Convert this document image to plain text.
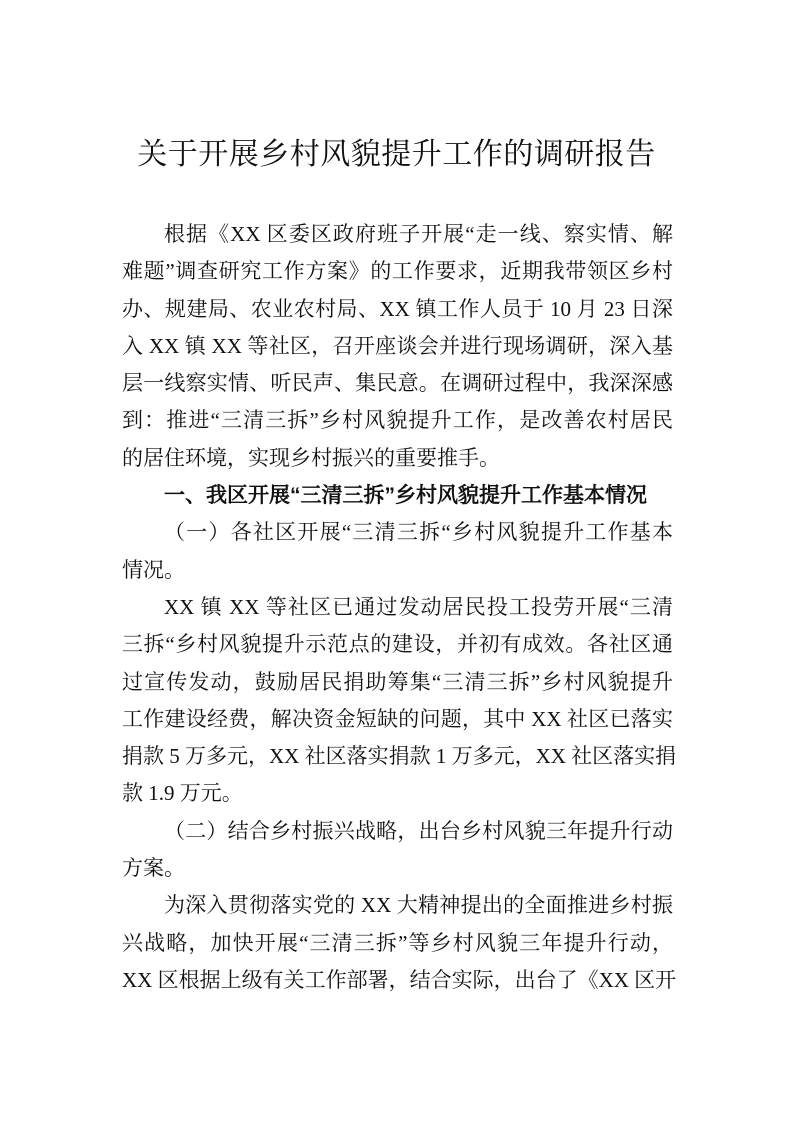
关于开展乡村风貌提升工作的调研报告
根据《XX 区委区政府班子开展“走一线、察实情、解
难题”调查研究工作方案》的工作要求，近期我带领区乡村
办、规建局、农业农村局、XX 镇工作人员于 10 月 23 日深
入 XX 镇 XX 等社区，召开座谈会并进行现场调研，深入基
层一线察实情、听民声、集民意。在调研过程中，我深深感
到：推进“三清三拆”乡村风貌提升工作，是改善农村居民
的居住环境，实现乡村振兴的重要推手。
一、我区开展“三清三拆”乡村风貌提升工作基本情况
（一）各社区开展“三清三拆“乡村风貌提升工作基本
情况。
XX 镇 XX 等社区已通过发动居民投工投劳开展“三清
三拆“乡村风貌提升示范点的建设，并初有成效。各社区通
过宣传发动，鼓励居民捐助筹集“三清三拆”乡村风貌提升
工作建设经费，解决资金短缺的问题，其中 XX 社区已落实
捐款 5 万多元，XX 社区落实捐款 1 万多元，XX 社区落实捐
款 1.9 万元。
（二）结合乡村振兴战略，出台乡村风貌三年提升行动
方案。
为深入贯彻落实党的 XX 大精神提出的全面推进乡村振
兴战略，加快开展“三清三拆”等乡村风貌三年提升行动，
XX 区根据上级有关工作部署，结合实际，出台了《XX 区开
